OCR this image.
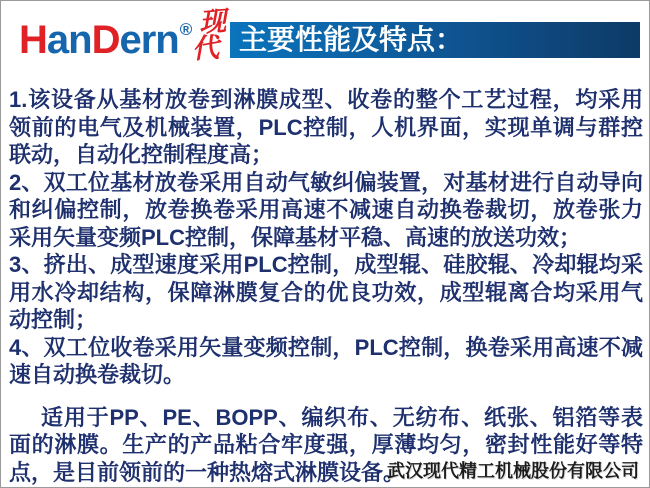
HanDern® 现
代 主要性能及特点：

1.该设备从基材放卷到淋膜成型、收卷的整个工艺过程，均采用领前的电气及机械装置，PLC控制，人机界面，实现单调与群控联动，自动化控制程度高；

2、双工位基材放卷采用自动气敏纠偏装置，对基材进行自动导向和纠偏控制，放卷换卷采用高速不减速自动换卷裁切，放卷张力采用矢量变频PLC控制，保障基材平稳、高速的放送功效；

3、挤出、成型速度采用PLC控制，成型辊、硅胶辊、冷却辊均采用水冷却结构，保障淋膜复合的优良功效，成型辊离合均采用气动控制；

4、双工位收卷采用矢量变频控制，PLC控制，换卷采用高速不减速自动换卷裁切。

适用于PP、PE、BOPP、编织布、无纺布、纸张、铝箔等表面的淋膜。生产的产品粘合牢度强，厚薄均匀，密封性能好等特点，是目前领前的一种热熔式淋膜设备。

武汉现代精工机械股份有限公司
